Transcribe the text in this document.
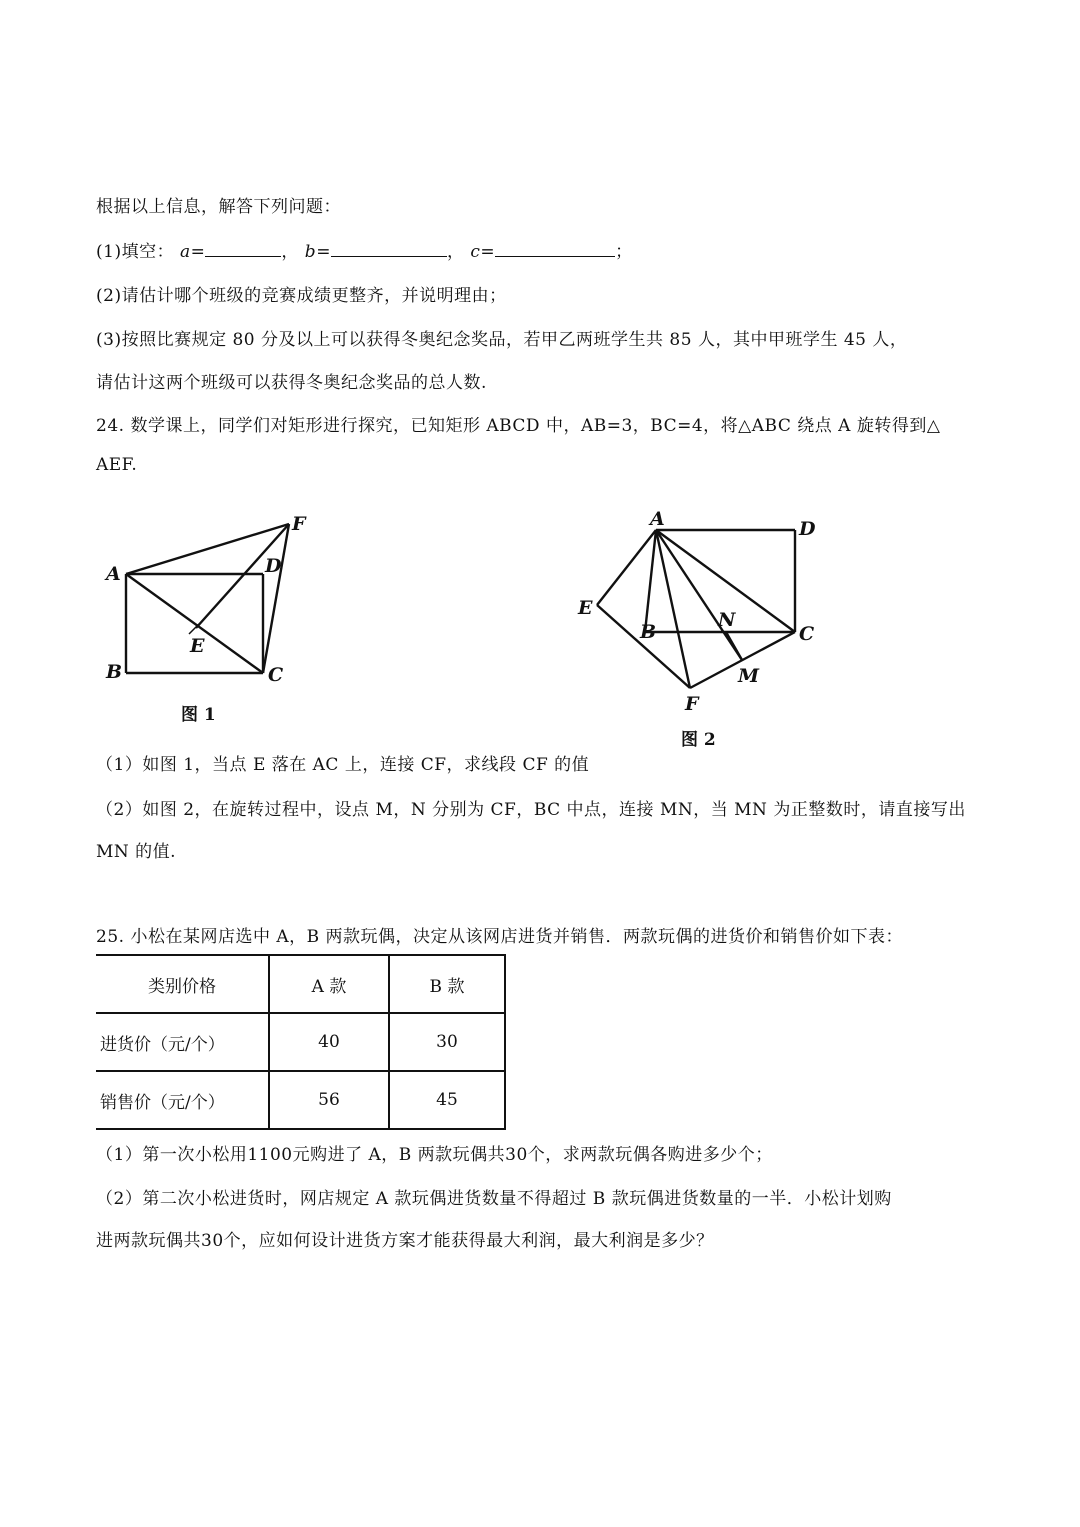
根据以上信息，解答下列问题：
(1)填空： a=	， b=	， c=	；
(2)请估计哪个班级的竞赛成绩更整齐，并说明理由；
(3)按照比赛规定 80 分及以上可以获得冬奥纪念奖品，若甲乙两班学生共 85 人，其中甲班学生 45 人，
请估计这两个班级可以获得冬奥纪念奖品的总人数.
24. 数学课上，同学们对矩形进行探究，已知矩形 ABCD 中，AB=3，BC=4，将△ABC 绕点 A 旋转得到△
AEF.
A
B	C
D
E
F	A	D
C
B
E
F
M
N
图 1
图 2
（1）如图 1，当点 E 落在 AC 上，连接 CF，求线段 CF 的值
（2）如图 2，在旋转过程中，设点 M，N 分别为 CF，BC 中点，连接 MN，当 MN 为正整数时，请直接写出
MN 的值.
25. 小松在某网店选中 A，B 两款玩偶，决定从该网店进货并销售．两款玩偶的进货价和销售价如下表：
类别价格	A 款	B 款
进货价（元/个）	40	30
销售价（元/个）	56	45
（1）第一次小松用1100元购进了 A，B 两款玩偶共30个，求两款玩偶各购进多少个；
（2）第二次小松进货时，网店规定 A 款玩偶进货数量不得超过 B 款玩偶进货数量的一半．小松计划购
进两款玩偶共30个，应如何设计进货方案才能获得最大利润，最大利润是多少？
